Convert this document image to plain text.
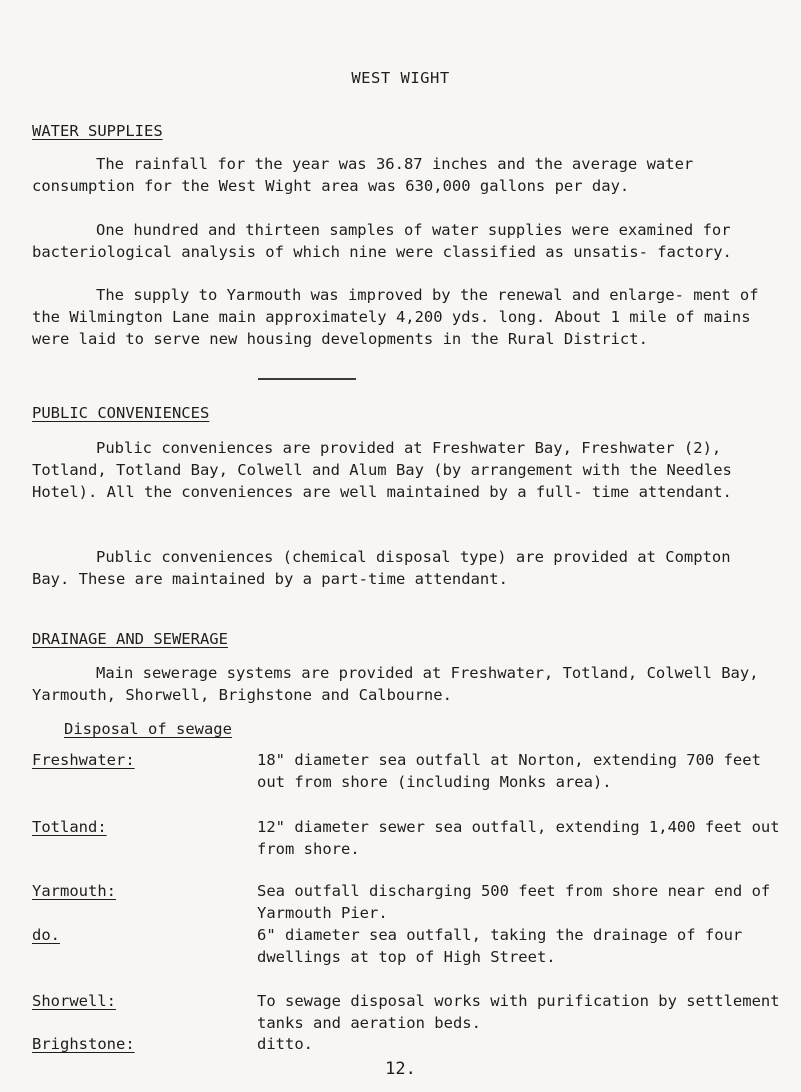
WEST WIGHT
WATER SUPPLIES

The rainfall for the year was 36.87 inches and the average water consumption for the West Wight area was 630,000 gallons per day.

One hundred and thirteen samples of water supplies were examined for bacteriological analysis of which nine were classified as unsatis- factory.

The supply to Yarmouth was improved by the renewal and enlarge- ment of the Wilmington Lane main approximately 4,200 yds. long. About 1 mile of mains were laid to serve new housing developments in the Rural District.

PUBLIC CONVENIENCES

Public conveniences are provided at Freshwater Bay, Freshwater (2), Totland, Totland Bay, Colwell and Alum Bay (by arrangement with the Needles Hotel). All the conveniences are well maintained by a full- time attendant.

Public conveniences (chemical disposal type) are provided at Compton Bay. These are maintained by a part-time attendant.

DRAINAGE AND SEWERAGE

Main sewerage systems are provided at Freshwater, Totland, Colwell Bay, Yarmouth, Shorwell, Brighstone and Calbourne.

Disposal of sewage
Freshwater:	18" diameter sea outfall at Norton, extending 700 feet out from shore (including Monks area).

Totland:	12" diameter sewer sea outfall, extending 1,400 feet out from shore.

Yarmouth:	Sea outfall discharging 500 feet from shore near end of Yarmouth Pier.

do.	6" diameter sea outfall, taking the drainage of four dwellings at top of High Street.

Shorwell:	To sewage disposal works with purification by settlement tanks and aeration beds.

Brighstone:	ditto.

12.
